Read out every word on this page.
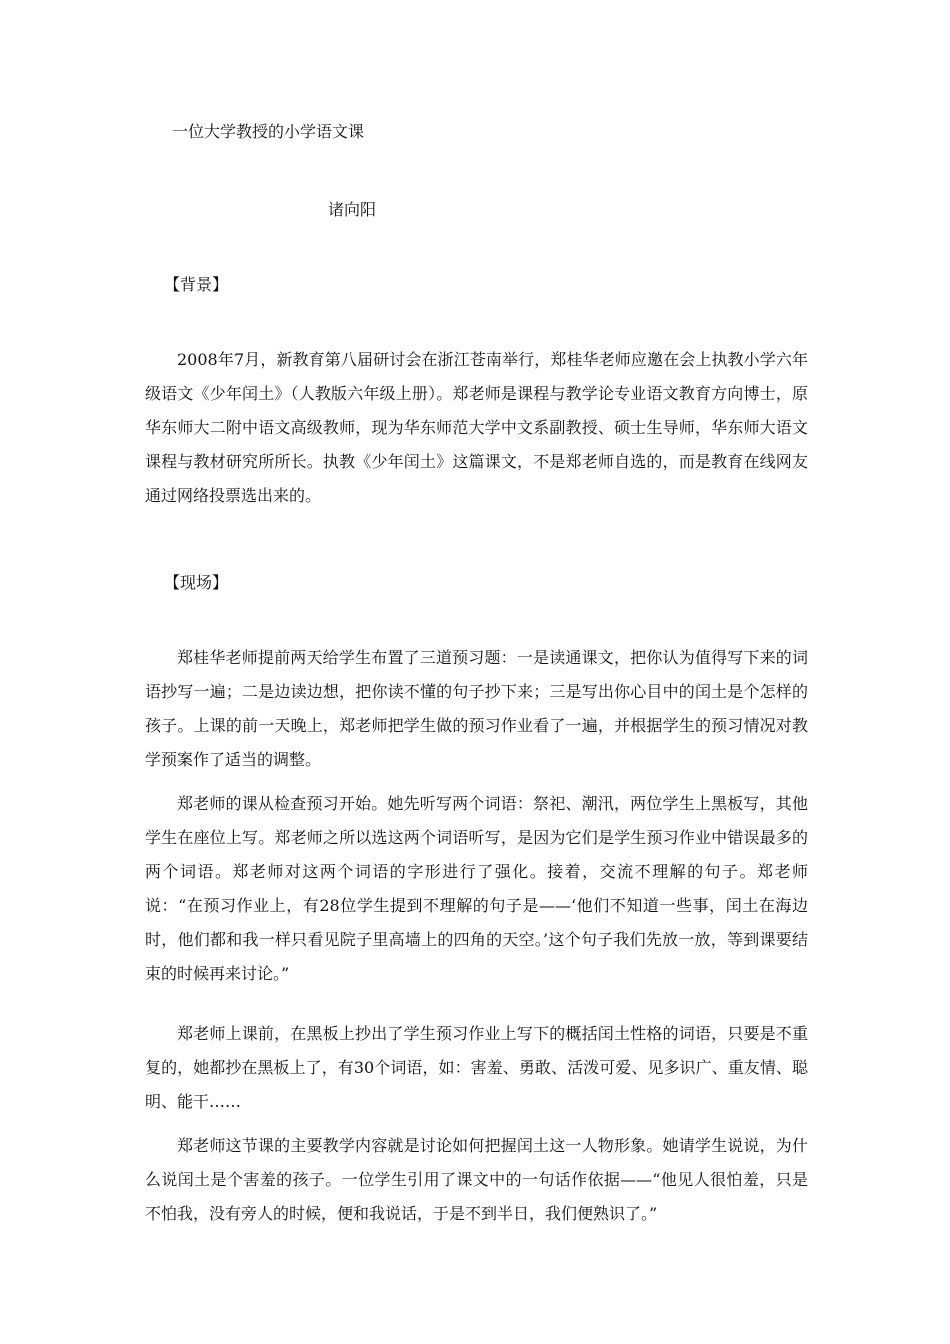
一位大学教授的小学语文课
诸向阳
【背景】
2008年7月，新教育第八届研讨会在浙江苍南举行，郑桂华老师应邀在会上执教小学六年级语文《少年闰土》（人教版六年级上册）。郑老师是课程与教学论专业语文教育方向博士，原华东师大二附中语文高级教师，现为华东师范大学中文系副教授、硕士生导师，华东师大语文课程与教材研究所所长。执教《少年闰土》这篇课文，不是郑老师自选的，而是教育在线网友通过网络投票选出来的。
【现场】
郑桂华老师提前两天给学生布置了三道预习题：一是读通课文，把你认为值得写下来的词语抄写一遍；二是边读边想，把你读不懂的句子抄下来；三是写出你心目中的闰土是个怎样的孩子。上课的前一天晚上，郑老师把学生做的预习作业看了一遍，并根据学生的预习情况对教学预案作了适当的调整。
郑老师的课从检查预习开始。她先听写两个词语：祭祀、潮汛，两位学生上黑板写，其他学生在座位上写。郑老师之所以选这两个词语听写，是因为它们是学生预习作业中错误最多的两个词语。郑老师对这两个词语的字形进行了强化。接着，交流不理解的句子。郑老师说：“在预习作业上，有28位学生提到不理解的句子是——‘他们不知道一些事，闰土在海边时，他们都和我一样只看见院子里高墙上的四角的天空。’这个句子我们先放一放，等到课要结束的时候再来讨论。”
郑老师上课前，在黑板上抄出了学生预习作业上写下的概括闰土性格的词语，只要是不重复的，她都抄在黑板上了，有30个词语，如：害羞、勇敢、活泼可爱、见多识广、重友情、聪明、能干……
郑老师这节课的主要教学内容就是讨论如何把握闰土这一人物形象。她请学生说说，为什么说闰土是个害羞的孩子。一位学生引用了课文中的一句话作依据——“他见人很怕羞，只是不怕我，没有旁人的时候，便和我说话，于是不到半日，我们便熟识了。”
